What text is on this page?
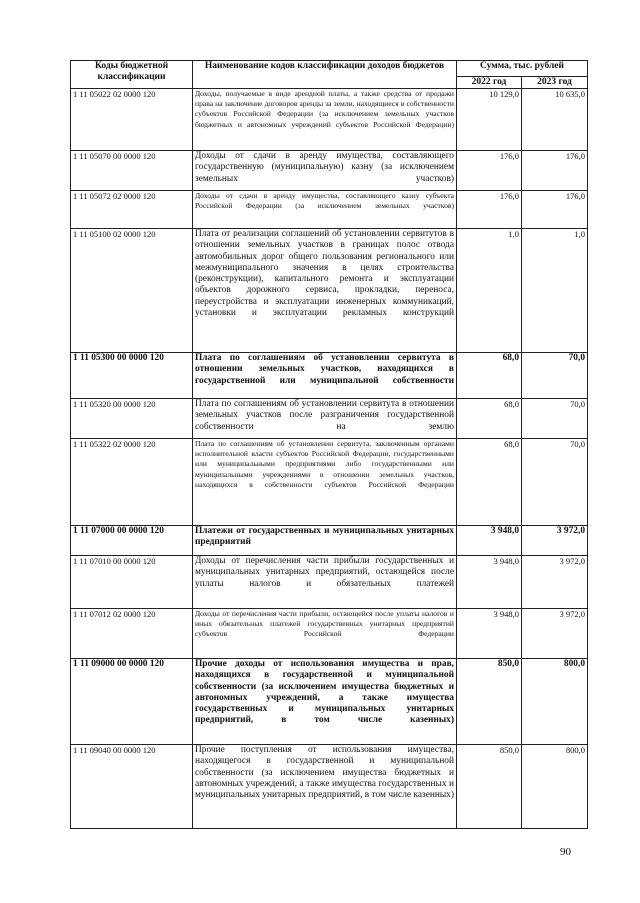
Коды бюджетной классификации	Наименование кодов классификации доходов бюджетов	Сумма, тыс. рублей	
		2022 год	2023 год
1 11 05022 02 0000 120	Доходы, получаемые в виде арендной платы, а также средства от продажи права на заключение договоров аренды за земли, находящиеся в собственности субъектов Российской Федерации (за исключением земельных участков бюджетных и автономных учреждений субъектов Российской Федерации)	10 129,0	10 635,0
1 11 05070 00 0000 120	Доходы от сдачи в аренду имущества, составляющего государственную (муниципальную) казну (за исключением земельных участков)	176,0	176,0
1 11 05072 02 0000 120	Доходы от сдачи в аренду имущества, составляющего казну субъекта Российской Федерации (за исключением земельных участков)	176,0	176,0
1 11 05100 02 0000 120	Плата от реализации соглашений об установлении сервитутов в отношении земельных участков в границах полос отвода автомобильных дорог общего пользования регионального или межмуниципального значения в целях строительства (реконструкции), капитального ремонта и эксплуатации объектов дорожного сервиса, прокладки, переноса, переустройства и эксплуатации инженерных коммуникаций, установки и эксплуатации рекламных конструкций	1,0	1,0
1 11 05300 00 0000 120	Плата по соглашениям об установлении сервитута в отношении земельных участков, находящихся в государственной или муниципальной собственности	68,0	70,0
1 11 05320 00 0000 120	Плата по соглашениям об установлении сервитута в отношении земельных участков после разграничения государственной собственности на землю	68,0	70,0
1 11 05322 02 0000 120	Плата по соглашениям об установлении сервитута, заключенным органами исполнительной власти субъектов Российской Федерации, государственными или муниципальными предприятиями либо государственными или муниципальными учреждениями в отношении земельных участков, находящихся в собственности субъектов Российской Федерации	68,0	70,0
1 11 07000 00 0000 120	Платежи от государственных и муниципальных унитарных предприятий	3 948,0	3 972,0
1 11 07010 00 0000 120	Доходы от перечисления части прибыли государственных и муниципальных унитарных предприятий, остающейся после уплаты налогов и обязательных платежей	3 948,0	3 972,0
1 11 07012 02 0000 120	Доходы от перечисления части прибыли, остающейся после уплаты налогов и иных обязательных платежей государственных унитарных предприятий субъектов Российской Федерации	3 948,0	3 972,0
1 11 09000 00 0000 120	Прочие доходы от использования имущества и прав, находящихся в государственной и муниципальной собственности (за исключением имущества бюджетных и автономных учреждений, а также имущества государственных и муниципальных унитарных предприятий, в том числе казенных)	850,0	800,0
1 11 09040 00 0000 120	Прочие поступления от использования имущества, находящегося в государственной и муниципальной собственности (за исключением имущества бюджетных и автономных учреждений, а также имущества государственных и муниципальных унитарных предприятий, в том числе казенных)	850,0	800,0
90
